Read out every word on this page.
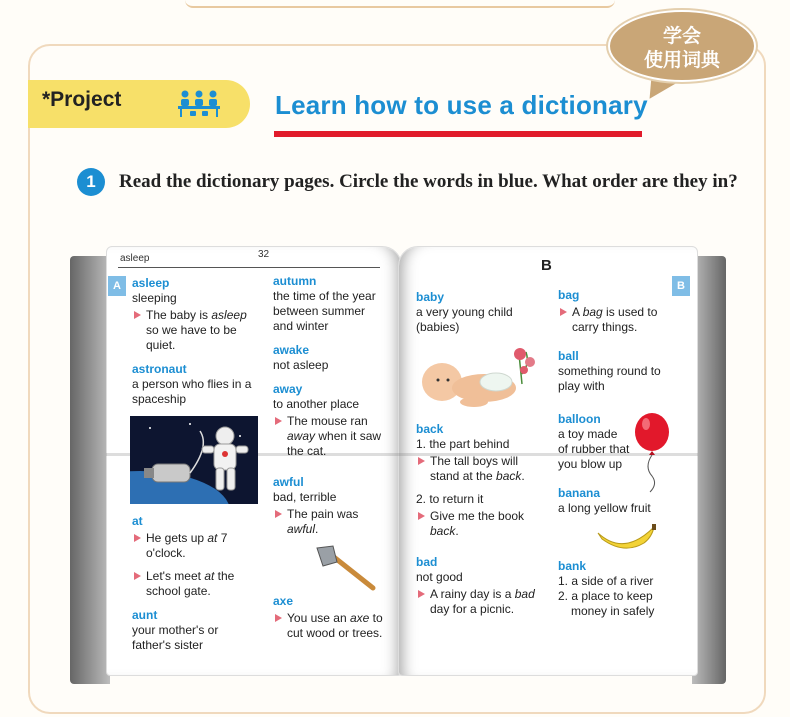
学会
使用词典
*Project	Learn how to use a dictionary
1	Read the dictionary pages. Circle the words in blue. What order are they in?
asleep	32
B
A	B
asleep
sleeping
The baby is asleep so we have to be quiet.
astronaut
a person who flies in a spaceship
at
He gets up at 7 o'clock.
Let's meet at the school gate.
aunt
your mother's or father's sister
autumn
the time of the year between summer and winter
awake
not asleep
away
to another place
The mouse ran away when it saw the cat.
awful
bad, terrible
The pain was awful.
axe
You use an axe to cut wood or trees.
baby
a very young child (babies)
back
1. the part behind
The tall boys will stand at the back.
2. to return it
Give me the book back.
bad
not good
A rainy day is a bad day for a picnic.
bag
A bag is used to carry things.
ball
something round to play with
balloon
a toy made of rubber that you blow up
banana
a long yellow fruit
bank
1. a side of a river
2. a place to keep money in safely
